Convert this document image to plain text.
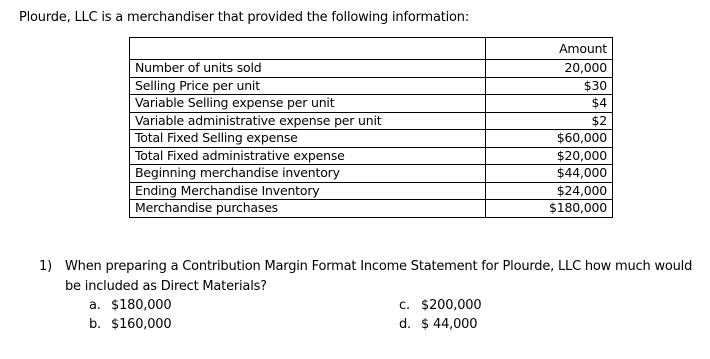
Plourde, LLC is a merchandiser that provided the following information:
	Amount
Number of units sold	20,000
Selling Price per unit	$30
Variable Selling expense per unit	$4
Variable administrative expense per unit	$2
Total Fixed Selling expense	$60,000
Total Fixed administrative expense	$20,000
Beginning merchandise inventory	$44,000
Ending Merchandise Inventory	$24,000
Merchandise purchases	$180,000
1) When preparing a Contribution Margin Format Income Statement for Plourde, LLC how much would be included as Direct Materials?
a. $180,000
b. $160,000
c. $200,000
d. $ 44,000
